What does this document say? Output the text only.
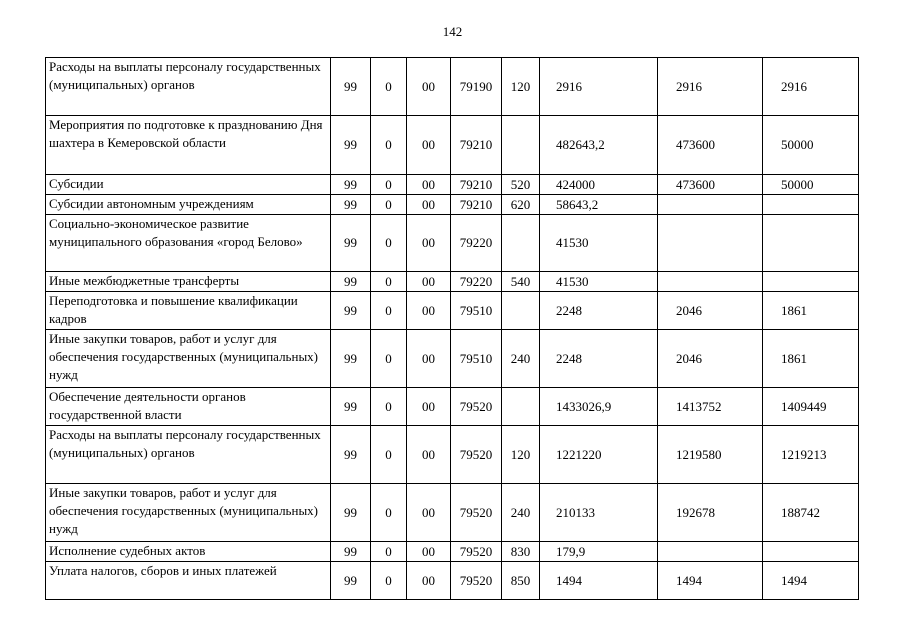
142
Расходы на выплаты персоналу государственных (муниципальных) органов	99	0	00	79190	120	2916	2916	2916
Мероприятия по подготовке к празднованию Дня шахтера в Кемеровской области	99	0	00	79210		482643,2	473600	50000
Субсидии	99	0	00	79210	520	424000	473600	50000
Субсидии автономным учреждениям	99	0	00	79210	620	58643,2		
Социально-экономическое развитие муниципального образования «город Белово»	99	0	00	79220		41530		
Иные межбюджетные трансферты	99	0	00	79220	540	41530		
Переподготовка и повышение квалификации кадров	99	0	00	79510		2248	2046	1861
Иные закупки товаров, работ и услуг для обеспечения государственных (муниципальных) нужд	99	0	00	79510	240	2248	2046	1861
Обеспечение деятельности органов государственной власти	99	0	00	79520		1433026,9	1413752	1409449
Расходы на выплаты персоналу государственных (муниципальных) органов	99	0	00	79520	120	1221220	1219580	1219213
Иные закупки товаров, работ и услуг для обеспечения государственных (муниципальных) нужд	99	0	00	79520	240	210133	192678	188742
Исполнение судебных актов	99	0	00	79520	830	179,9		
Уплата налогов, сборов и иных платежей	99	0	00	79520	850	1494	1494	1494
